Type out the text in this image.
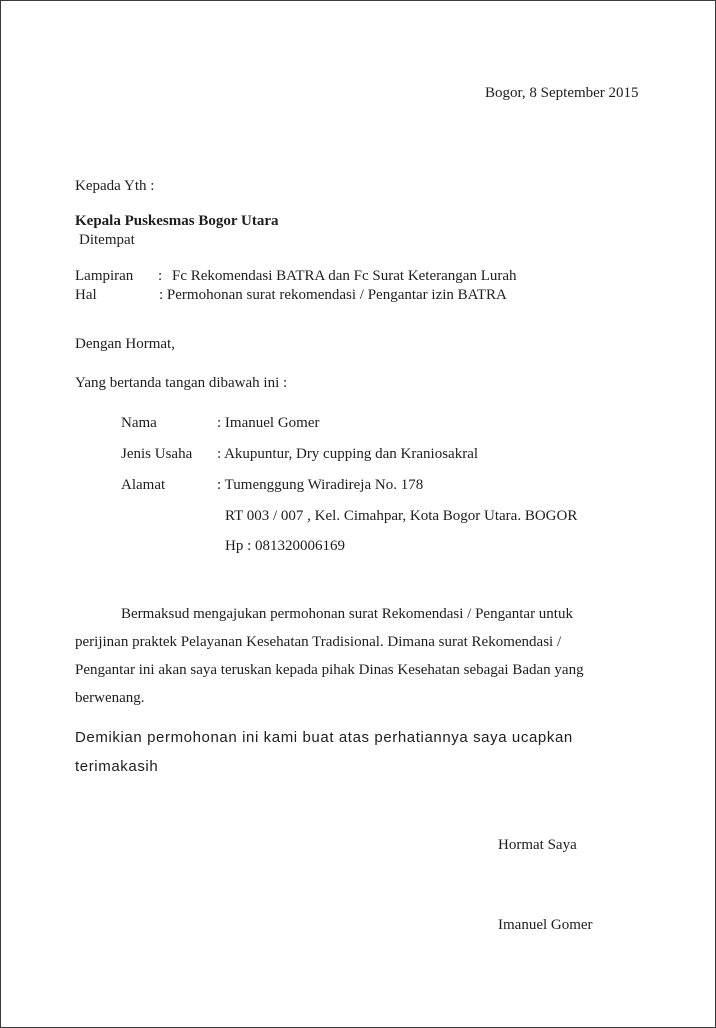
Bogor, 8 September 2015
Kepada Yth :
Kepala Puskesmas Bogor Utara
Ditempat
Lampiran : Fc Rekomendasi BATRA dan Fc Surat Keterangan Lurah
Hal	: Permohonan surat rekomendasi / Pengantar izin BATRA
Dengan Hormat,
Yang bertanda tangan dibawah ini :
Nama	: Imanuel Gomer
Jenis Usaha : Akupuntur, Dry cupping dan Kraniosakral
Alamat	: Tumenggung Wiradireja No. 178
RT 003 / 007 , Kel. Cimahpar, Kota Bogor Utara. BOGOR
Hp : 081320006169
Bermaksud mengajukan permohonan surat Rekomendasi / Pengantar untuk
perijinan praktek Pelayanan Kesehatan Tradisional. Dimana surat Rekomendasi /
Pengantar ini akan saya teruskan kepada pihak Dinas Kesehatan sebagai Badan yang
berwenang.
Demikian permohonan ini kami buat atas perhatiannya saya ucapkan
terimakasih
Hormat Saya
Imanuel Gomer
